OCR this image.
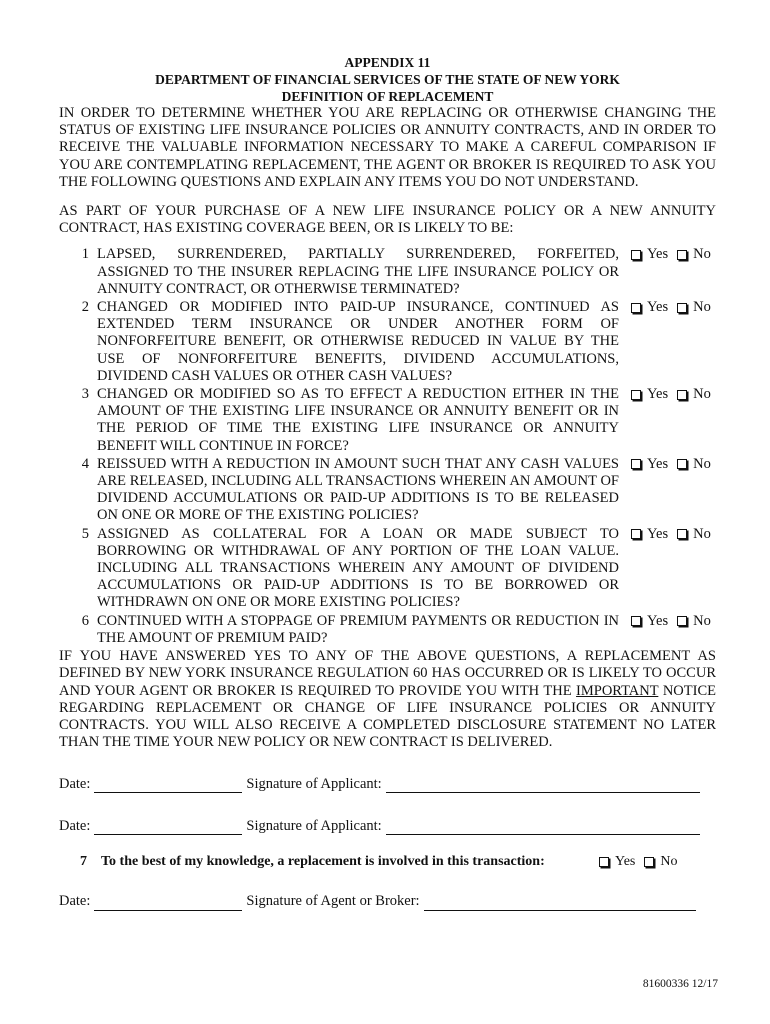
APPENDIX 11
DEPARTMENT OF FINANCIAL SERVICES OF THE STATE OF NEW YORK
DEFINITION OF REPLACEMENT
IN ORDER TO DETERMINE WHETHER YOU ARE REPLACING OR OTHERWISE CHANGING THE STATUS OF EXISTING LIFE INSURANCE POLICIES OR ANNUITY CONTRACTS, AND IN ORDER TO RECEIVE THE VALUABLE INFORMATION NECESSARY TO MAKE A CAREFUL COMPARISON IF YOU ARE CONTEMPLATING REPLACEMENT, THE AGENT OR BROKER IS REQUIRED TO ASK YOU THE FOLLOWING QUESTIONS AND EXPLAIN ANY ITEMS YOU DO NOT UNDERSTAND.
AS PART OF YOUR PURCHASE OF A NEW LIFE INSURANCE POLICY OR A NEW ANNUITY CONTRACT, HAS EXISTING COVERAGE BEEN, OR IS LIKELY TO BE:
1 LAPSED, SURRENDERED, PARTIALLY SURRENDERED, FORFEITED, ASSIGNED TO THE INSURER REPLACING THE LIFE INSURANCE POLICY OR ANNUITY CONTRACT, OR OTHERWISE TERMINATED?
Yes No
2 CHANGED OR MODIFIED INTO PAID-UP INSURANCE, CONTINUED AS EXTENDED TERM INSURANCE OR UNDER ANOTHER FORM OF NONFORFEITURE BENEFIT, OR OTHERWISE REDUCED IN VALUE BY THE USE OF NONFORFEITURE BENEFITS, DIVIDEND ACCUMULATIONS, DIVIDEND CASH VALUES OR OTHER CASH VALUES?
Yes No
3 CHANGED OR MODIFIED SO AS TO EFFECT A REDUCTION EITHER IN THE AMOUNT OF THE EXISTING LIFE INSURANCE OR ANNUITY BENEFIT OR IN THE PERIOD OF TIME THE EXISTING LIFE INSURANCE OR ANNUITY BENEFIT WILL CONTINUE IN FORCE?
Yes No
4 REISSUED WITH A REDUCTION IN AMOUNT SUCH THAT ANY CASH VALUES ARE RELEASED, INCLUDING ALL TRANSACTIONS WHEREIN AN AMOUNT OF DIVIDEND ACCUMULATIONS OR PAID-UP ADDITIONS IS TO BE RELEASED ON ONE OR MORE OF THE EXISTING POLICIES?
Yes No
5 ASSIGNED AS COLLATERAL FOR A LOAN OR MADE SUBJECT TO BORROWING OR WITHDRAWAL OF ANY PORTION OF THE LOAN VALUE. INCLUDING ALL TRANSACTIONS WHEREIN ANY AMOUNT OF DIVIDEND ACCUMULATIONS OR PAID-UP ADDITIONS IS TO BE BORROWED OR WITHDRAWN ON ONE OR MORE EXISTING POLICIES?
Yes No
6 CONTINUED WITH A STOPPAGE OF PREMIUM PAYMENTS OR REDUCTION IN THE AMOUNT OF PREMIUM PAID?
Yes No
IF YOU HAVE ANSWERED YES TO ANY OF THE ABOVE QUESTIONS, A REPLACEMENT AS DEFINED BY NEW YORK INSURANCE REGULATION 60 HAS OCCURRED OR IS LIKELY TO OCCUR AND YOUR AGENT OR BROKER IS REQUIRED TO PROVIDE YOU WITH THE IMPORTANT NOTICE REGARDING REPLACEMENT OR CHANGE OF LIFE INSURANCE POLICIES OR ANNUITY CONTRACTS. YOU WILL ALSO RECEIVE A COMPLETED DISCLOSURE STATEMENT NO LATER THAN THE TIME YOUR NEW POLICY OR NEW CONTRACT IS DELIVERED.
Date:	Signature of Applicant:
Date:	Signature of Applicant:
7	To the best of my knowledge, a replacement is involved in this transaction:	Yes No
Date:	Signature of Agent or Broker:
81600336 12/17
